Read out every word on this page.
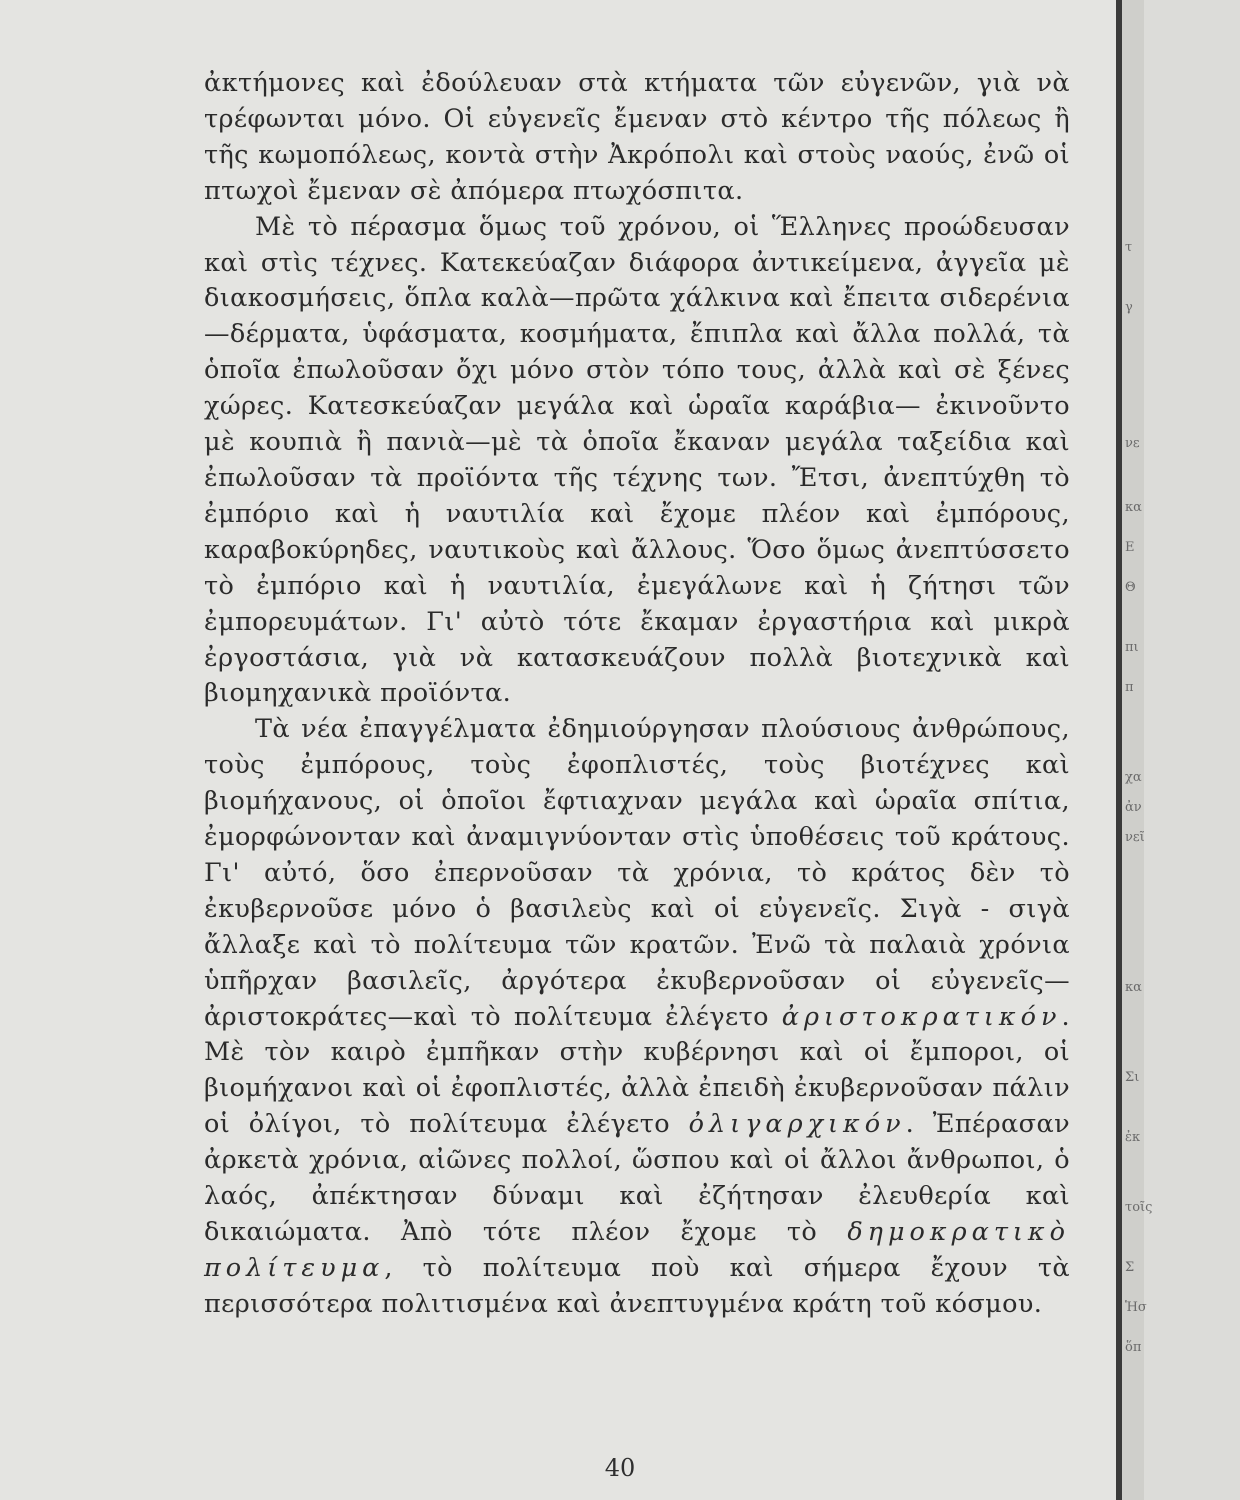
ἀκτήμονες καὶ ἐδούλευαν στὰ κτήματα τῶν εὐγενῶν, γιὰ νὰ τρέφωνται μόνο. Οἱ εὐγενεῖς ἔμεναν στὸ κέντρο τῆς πόλεως ἢ τῆς κωμοπόλεως, κοντὰ στὴν Ἀκρόπολι καὶ στοὺς ναούς, ἐνῶ οἱ πτωχοὶ ἔμεναν σὲ ἀπόμερα πτωχόσπιτα.

Μὲ τὸ πέρασμα ὅμως τοῦ χρόνου, οἱ Ἕλληνες προώδευσαν καὶ στὶς τέχνες. Κατεκεύαζαν διάφορα ἀντικείμενα, ἀγγεῖα μὲ διακοσμήσεις, ὅπλα καλὰ—πρῶτα χάλκινα καὶ ἔπειτα σιδερένια—δέρματα, ὑφάσματα, κοσμήματα, ἔπιπλα καὶ ἄλλα πολλά, τὰ ὁποῖα ἐπωλοῦσαν ὄχι μόνο στὸν τόπο τους, ἀλλὰ καὶ σὲ ξένες χώρες. Κατεσκεύαζαν μεγάλα καὶ ὡραῖα καράβια— ἐκινοῦντο μὲ κουπιὰ ἢ πανιὰ—μὲ τὰ ὁποῖα ἔκαναν μεγάλα ταξείδια καὶ ἐπωλοῦσαν τὰ προϊόντα τῆς τέχνης των. Ἔτσι, ἀνεπτύχθη τὸ ἐμπόριο καὶ ἡ ναυτιλία καὶ ἔχομε πλέον καὶ ἐμπόρους, καραβοκύρηδες, ναυτικοὺς καὶ ἄλλους. Ὅσο ὅμως ἀνεπτύσσετο τὸ ἐμπόριο καὶ ἡ ναυτιλία, ἐμεγάλωνε καὶ ἡ ζήτησι τῶν ἐμπορευμάτων. Γι' αὐτὸ τότε ἔκαμαν ἐργαστήρια καὶ μικρὰ ἐργοστάσια, γιὰ νὰ κατασκευάζουν πολλὰ βιοτεχνικὰ καὶ βιομηχανικὰ προϊόντα.

Τὰ νέα ἐπαγγέλματα ἐδημιούργησαν πλούσιους ἀνθρώπους, τοὺς ἐμπόρους, τοὺς ἐφοπλιστές, τοὺς βιοτέχνες καὶ βιομήχανους, οἱ ὁποῖοι ἔφτιαχναν μεγάλα καὶ ὡραῖα σπίτια, ἐμορφώνονταν καὶ ἀναμιγνύονταν στὶς ὑποθέσεις τοῦ κράτους. Γι' αὐτό, ὅσο ἐπερνοῦσαν τὰ χρόνια, τὸ κράτος δὲν τὸ ἐκυβερνοῦσε μόνο ὁ βασιλεὺς καὶ οἱ εὐγενεῖς. Σιγὰ - σιγὰ ἄλλαξε καὶ τὸ πολίτευμα τῶν κρατῶν. Ἐνῶ τὰ παλαιὰ χρόνια ὑπῆρχαν βασιλεῖς, ἀργότερα ἐκυβερνοῦσαν οἱ εὐγενεῖς—ἀριστοκράτες—καὶ τὸ πολίτευμα ἐλέγετο ἀριστοκρατικόν. Μὲ τὸν καιρὸ ἐμπῆκαν στὴν κυβέρνησι καὶ οἱ ἔμποροι, οἱ βιομήχανοι καὶ οἱ ἐφοπλιστές, ἀλλὰ ἐπειδὴ ἐκυβερνοῦσαν πάλιν οἱ ὀλίγοι, τὸ πολίτευμα ἐλέγετο ὀλιγαρχικόν. Ἐπέρασαν ἀρκετὰ χρόνια, αἰῶνες πολλοί, ὥσπου καὶ οἱ ἄλλοι ἄνθρωποι, ὁ λαός, ἀπέκτησαν δύναμι καὶ ἐζήτησαν ἐλευθερία καὶ δικαιώματα. Ἀπὸ τότε πλέον ἔχομε τὸ δημοκρατικὸ πολίτευμα, τὸ πολίτευμα ποὺ καὶ σήμερα ἔχουν τὰ περισσότερα πολιτισμένα καὶ ἀνεπτυγμένα κράτη τοῦ κόσμου.

τ
γ
νε
κα
Ε
Θ
πι
π
χα
ἀν
νεῖ
κα
Σι
ἐκ
τοῖς
Σ
Ἡσ
ὅπ
40
